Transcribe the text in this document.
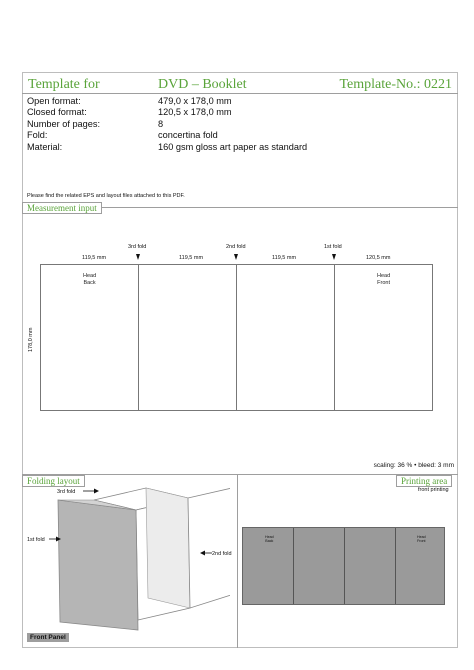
Template for	DVD – Booklet	Template-No.: 0221
Open format:	479,0 x 178,0 mm
Closed format:	120,5 x 178,0 mm
Number of pages:	8
Fold:	concertina fold
Material:	160 gsm gloss art paper as standard
Please find the related EPS and layout files attached to this PDF.
Measurement input
3rd fold	2nd fold	1st fold
119,5 mm	119,5 mm	119,5 mm	120,5 mm
Head
Back
Head
Front
178,0 mm
scaling: 36 % • bleed: 3 mm
Folding layout	Printing area
front printing
3rd fold
1st fold
2nd fold
Front Panel
Head
Back
Head
Front
